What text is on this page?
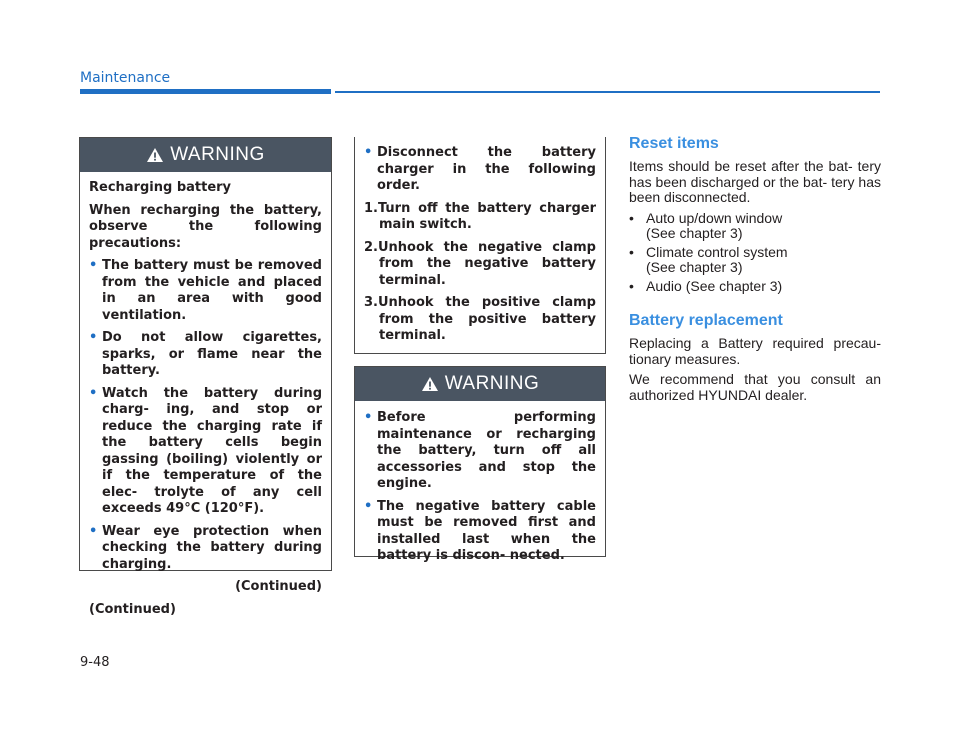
Maintenance
WARNING

Recharging battery

When recharging the battery, observe the following precautions:

• The battery must be removed from the vehicle and placed in an area with good ventilation.
• Do not allow cigarettes, sparks, or flame near the battery.
• Watch the battery during charg- ing, and stop or reduce the charging rate if the battery cells begin gassing (boiling) violently or if the temperature of the elec- trolyte of any cell exceeds 49°C (120°F).
• Wear eye protection when checking the battery during charging.

(Continued)

(Continued)

• Disconnect the battery charger in the following order.

1.Turn off the battery charger main switch.

2.Unhook the negative clamp from the negative battery terminal.

3.Unhook the positive clamp from the positive battery terminal.

WARNING
• Before performing maintenance or recharging the battery, turn off all accessories and stop the engine.
• The negative battery cable must be removed first and installed last when the battery is discon- nected.
Reset items

Items should be reset after the bat- tery has been discharged or the bat- tery has been disconnected.

• Auto up/down window
(See chapter 3)
• Climate control system
(See chapter 3)
• Audio (See chapter 3)
Battery replacement

Replacing a Battery required precau- tionary measures.

We recommend that you consult an authorized HYUNDAI dealer.

9-48
